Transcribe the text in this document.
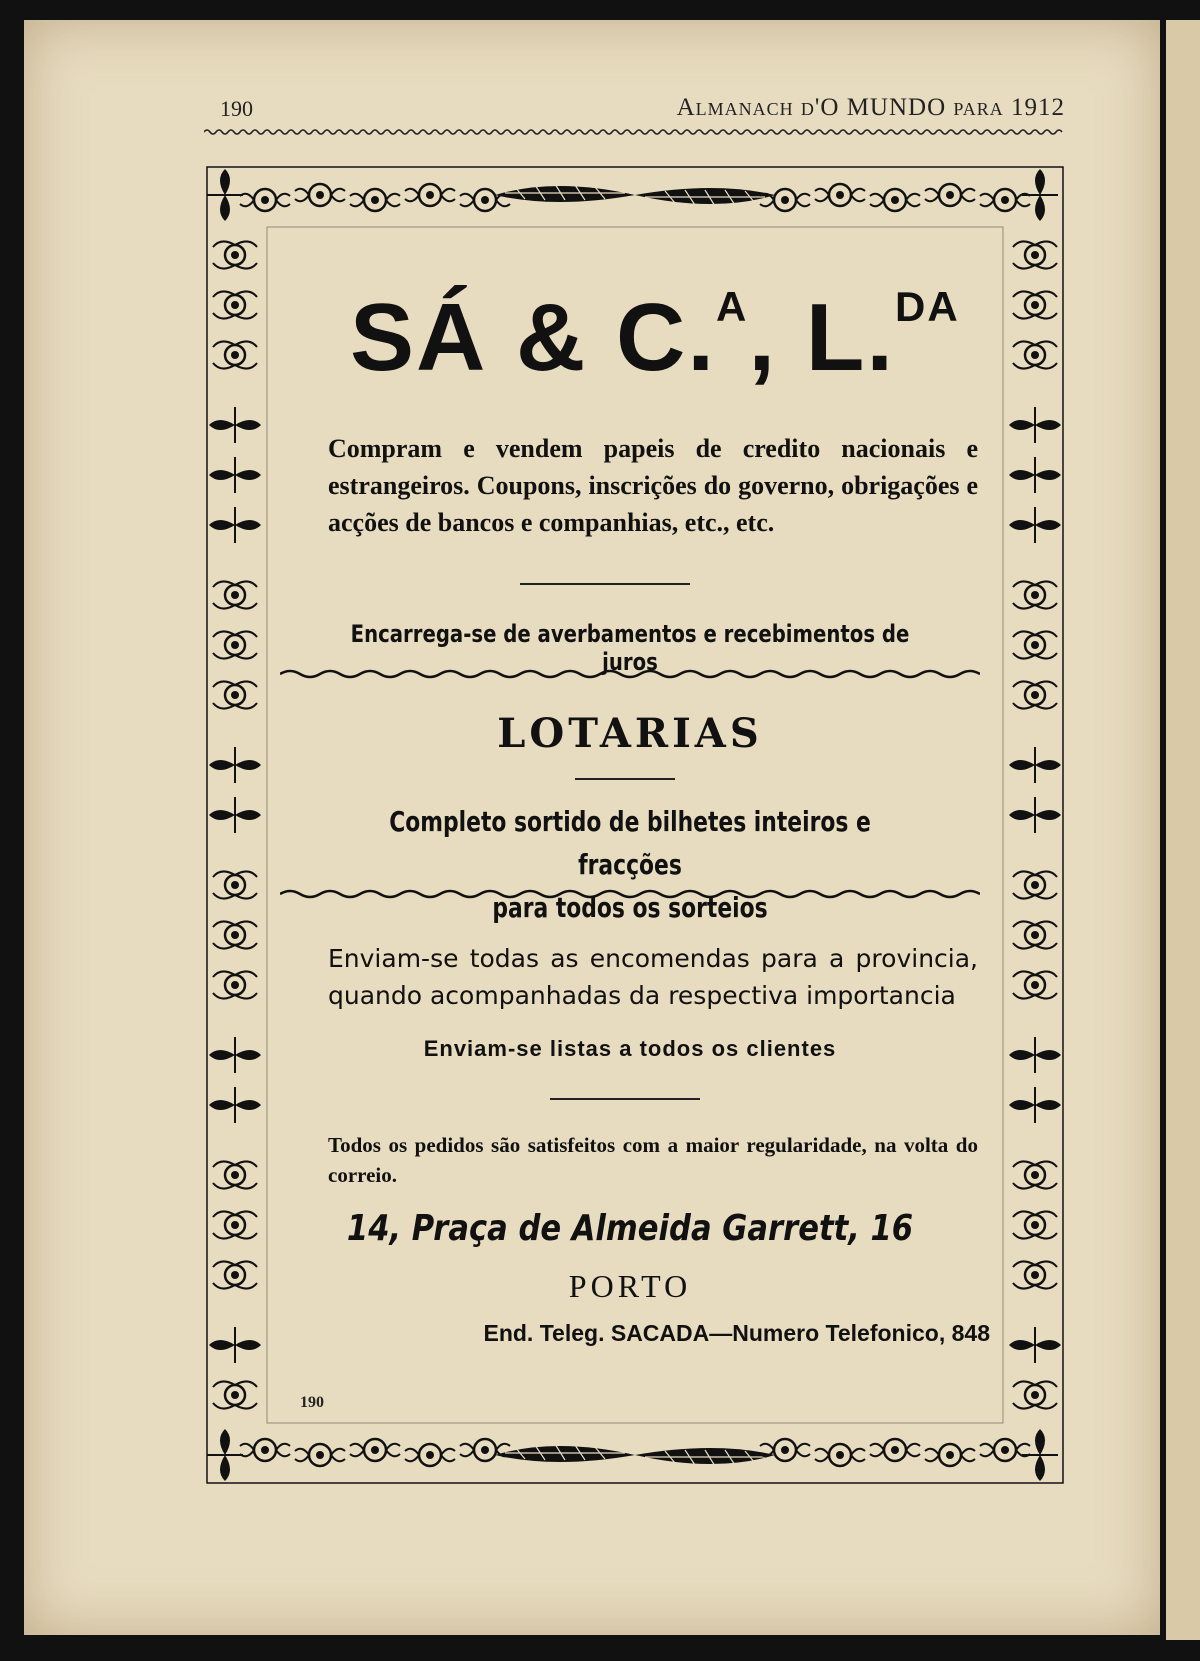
190	Almanach d'O MUNDO para 1912
SÁ & C.$^A$, L.$^{DA}$
Compram e vendem papeis de credito nacionais e estrangeiros. Coupons, inscrições do governo, obrigações e acções de bancos e companhias, etc., etc.
Encarrega-se de averbamentos e recebimentos de juros
LOTARIAS
Completo sortido de bilhetes inteiros e fracções
para todos os sorteios
Enviam-se todas as encomendas para a provincia, quando acompanhadas da respectiva importancia
Enviam-se listas a todos os clientes
Todos os pedidos são satisfeitos com a maior regularidade, na volta do correio.
14, Praça de Almeida Garrett, 16
PORTO
End. Teleg. SACADA—Numero Telefonico, 848
190
